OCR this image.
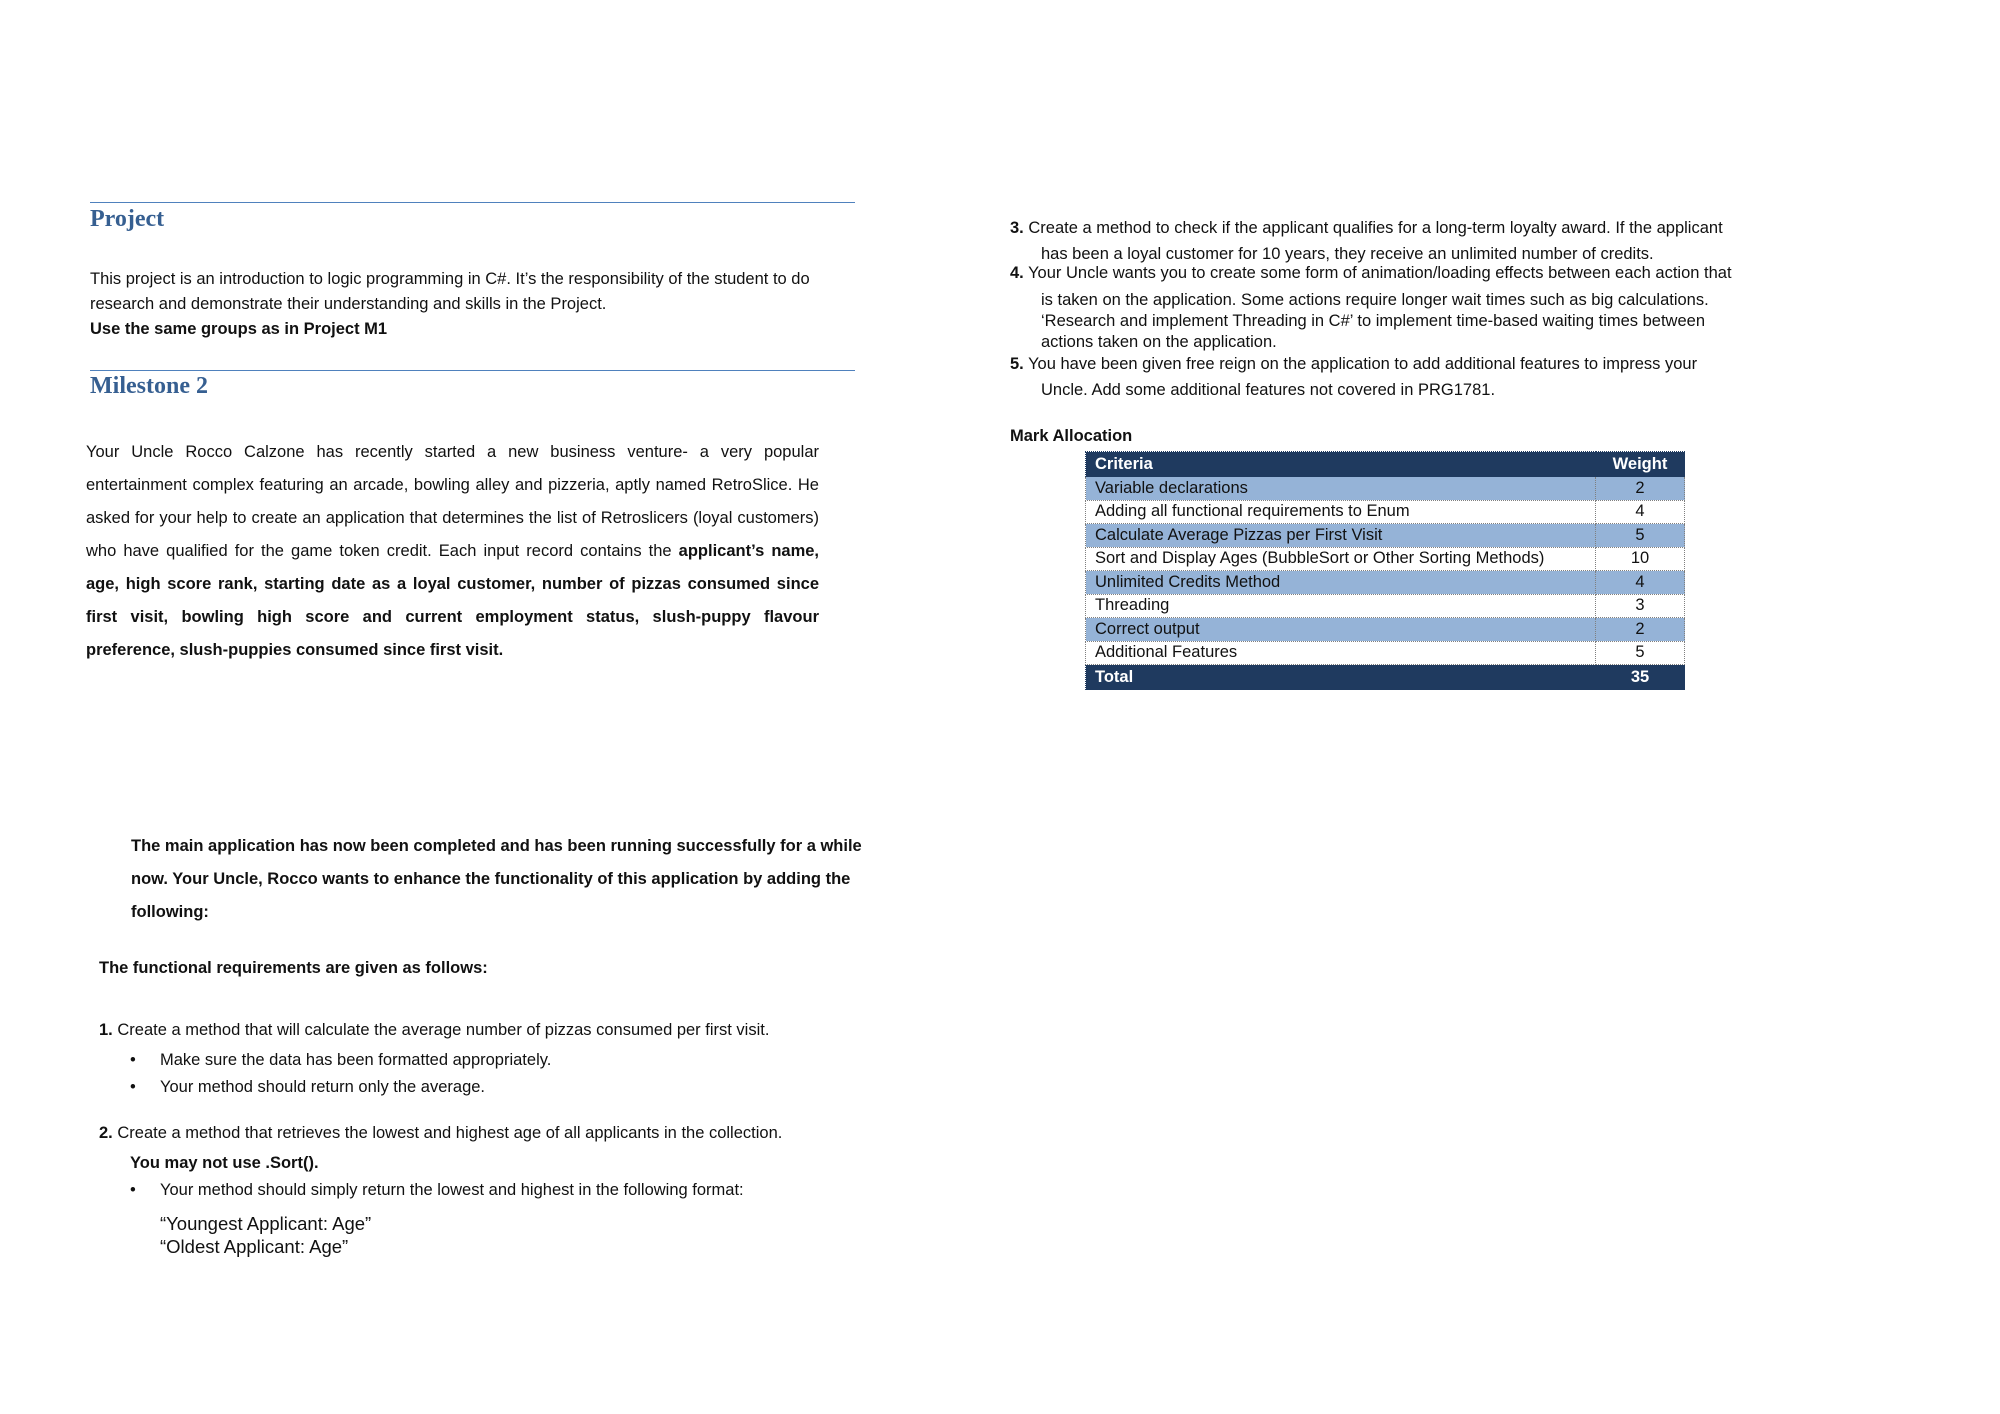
Project

This project is an introduction to logic programming in C#. It’s the responsibility of the student to do

research and demonstrate their understanding and skills in the Project.

Use the same groups as in Project M1

Milestone 2

Your Uncle Rocco Calzone has recently started a new business venture- a very popular entertainment complex featuring an arcade, bowling alley and pizzeria, aptly named RetroSlice. He asked for your help to create an application that determines the list of Retroslicers (loyal customers) who have qualified for the game token credit. Each input record contains the applicant’s name, age, high score rank, starting date as a loyal customer, number of pizzas consumed since first visit, bowling high score and current employment status, slush-puppy flavour preference, slush-puppies consumed since first visit.

The main application has now been completed and has been running successfully for a while

now. Your Uncle, Rocco wants to enhance the functionality of this application by adding the

following:

The functional requirements are given as follows:

1. Create a method that will calculate the average number of pizzas consumed per first visit.

• Make sure the data has been formatted appropriately.
• Your method should return only the average.

2. Create a method that retrieves the lowest and highest age of all applicants in the collection.

You may not use .Sort().

• Your method should simply return the lowest and highest in the following format:

“Youngest Applicant: Age”

“Oldest Applicant: Age”

3. Create a method to check if the applicant qualifies for a long-term loyalty award. If the applicant

has been a loyal customer for 10 years, they receive an unlimited number of credits.

4. Your Uncle wants you to create some form of animation/loading effects between each action that

is taken on the application. Some actions require longer wait times such as big calculations.

‘Research and implement Threading in C#’ to implement time-based waiting times between

actions taken on the application.

5. You have been given free reign on the application to add additional features to impress your

Uncle. Add some additional features not covered in PRG1781.

Mark Allocation

Criteria	Weight
Variable declarations	2
Adding all functional requirements to Enum	4
Calculate Average Pizzas per First Visit	5
Sort and Display Ages (BubbleSort or Other Sorting Methods)	10
Unlimited Credits Method	4
Threading	3
Correct output	2
Additional Features	5
Total	35
